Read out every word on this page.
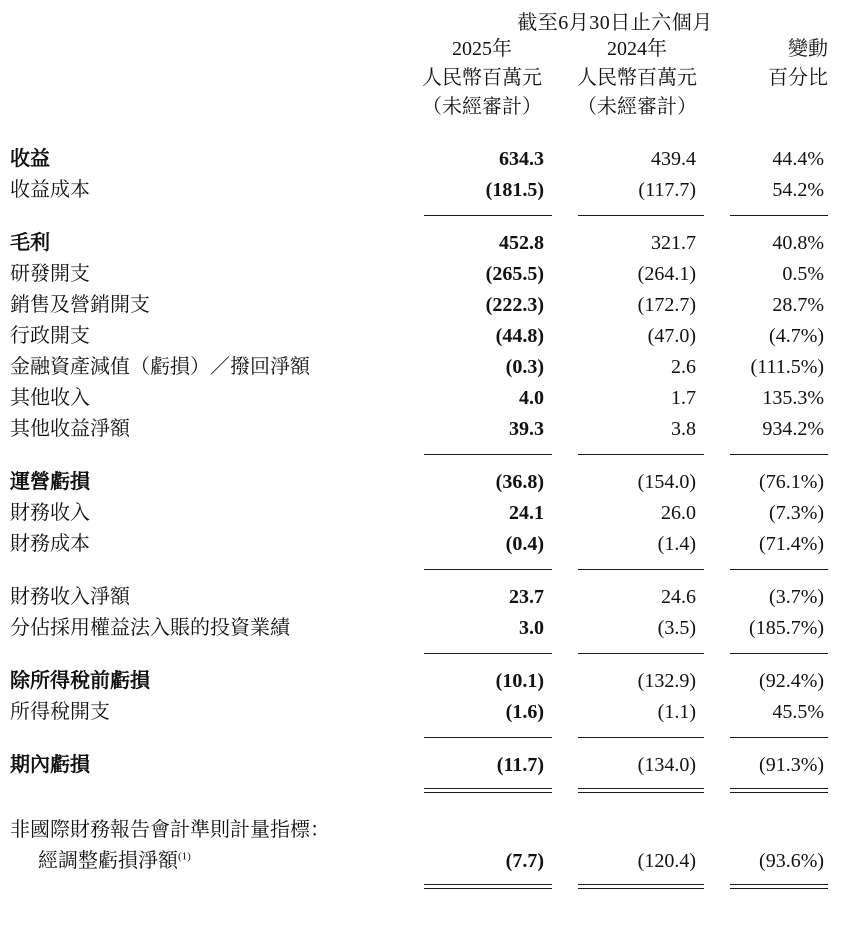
	截至6月30日止六個月		
	2025年	2024年	變動
	人民幣百萬元	人民幣百萬元	百分比
	（未經審計）	（未經審計）	

收益	634.3	439.4	44.4%
收益成本	(181.5)	(117.7)	54.2%

毛利	452.8	321.7	40.8%
研發開支	(265.5)	(264.1)	0.5%
銷售及營銷開支	(222.3)	(172.7)	28.7%
行政開支	(44.8)	(47.0)	(4.7%)
金融資產減值（虧損）／撥回淨額	(0.3)	2.6	(111.5%)
其他收入	4.0	1.7	135.3%
其他收益淨額	39.3	3.8	934.2%

運營虧損	(36.8)	(154.0)	(76.1%)
財務收入	24.1	26.0	(7.3%)
財務成本	(0.4)	(1.4)	(71.4%)

財務收入淨額	23.7	24.6	(3.7%)
分佔採用權益法入賬的投資業績	3.0	(3.5)	(185.7%)

除所得稅前虧損	(10.1)	(132.9)	(92.4%)
所得稅開支	(1.6)	(1.1)	45.5%

期內虧損	(11.7)	(134.0)	(91.3%)

非國際財務報告會計準則計量指標：			
經調整虧損淨額$^{(1)}$	(7.7)	(120.4)	(93.6%)
